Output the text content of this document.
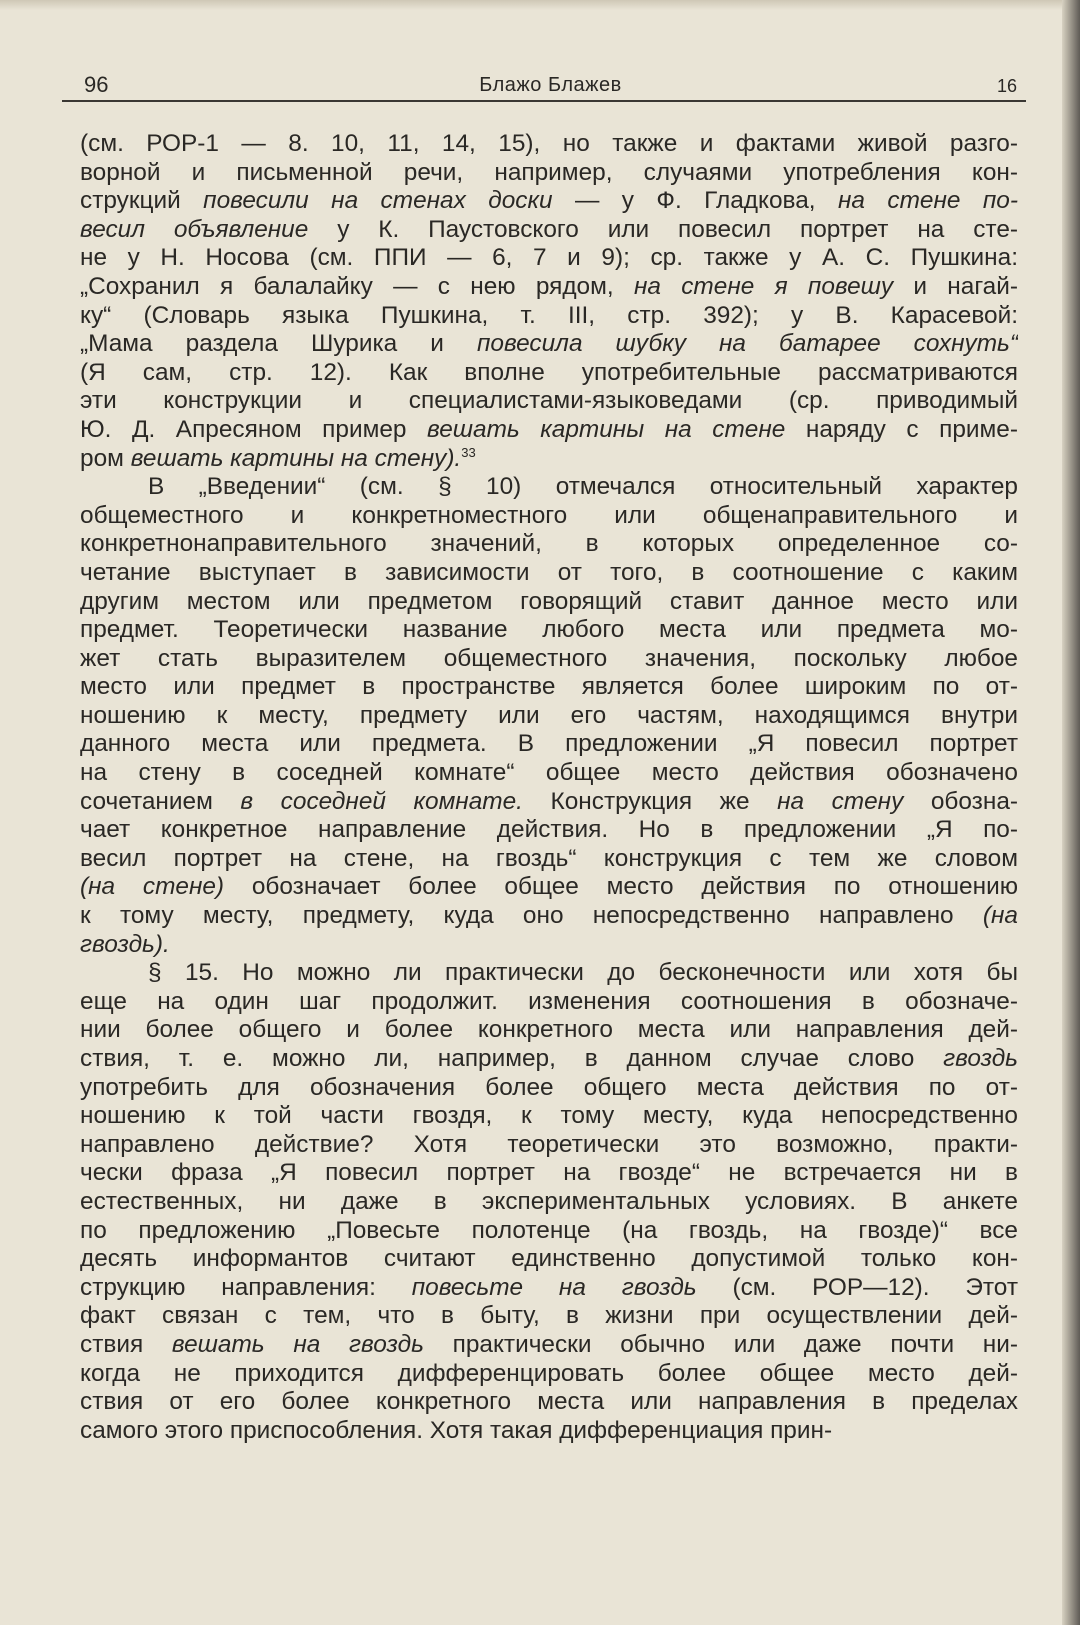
96	Блажо Блажев	16
(см. РОР-1 — 8. 10, 11, 14, 15), но также и фактами живой разго-
ворной и письменной речи, например, случаями употребления кон-
струкций повесили на стенах доски — у Ф. Гладкова, на стене по-
весил объявление у К. Паустовского или повесил портрет на сте-
не у Н. Носова (см. ППИ — 6, 7 и 9); ср. также у А. С. Пушкина:
„Сохранил я балалайку — с нею рядом, на стене я повешу и нагай-
ку“ (Словарь языка Пушкина, т. III, стр. 392); у В. Карасевой:
„Мама раздела Шурика и повесила шубку на батарее сохнуть“
(Я сам, стр. 12). Как вполне употребительные рассматриваются
эти конструкции и специалистами-языковедами (ср. приводимый
Ю. Д. Апресяном пример вешать картины на стене наряду с приме-
ром вешать картины на стену).$^{33}$
В „Введении“ (см. § 10) отмечался относительный характер
общеместного и конкретноместного или общенаправительного и
конкретнонаправительного значений, в которых определенное со-
четание выступает в зависимости от того, в соотношение с каким
другим местом или предметом говорящий ставит данное место или
предмет. Теоретически название любого места или предмета мо-
жет стать выразителем общеместного значения, поскольку любое
место или предмет в пространстве является более широким по от-
ношению к месту, предмету или его частям, находящимся внутри
данного места или предмета. В предложении „Я повесил портрет
на стену в соседней комнате“ общее место действия обозначено
сочетанием в соседней комнате. Конструкция же на стену обозна-
чает конкретное направление действия. Но в предложении „Я по-
весил портрет на стене, на гвоздь“ конструкция с тем же словом
(на стене) обозначает более общее место действия по отношению
к тому месту, предмету, куда оно непосредственно направлено (на
гвоздь).
§ 15. Но можно ли практически до бесконечности или хотя бы
еще на один шаг продолжит. изменения соотношения в обозначе-
нии более общего и более конкретного места или направления дей-
ствия, т. е. можно ли, например, в данном случае слово гвоздь
употребить для обозначения более общего места действия по от-
ношению к той части гвоздя, к тому месту, куда непосредственно
направлено действие? Хотя теоретически это возможно, практи-
чески фраза „Я повесил портрет на гвозде“ не встречается ни в
естественных, ни даже в экспериментальных условиях. В анкете
по предложению „Повесьте полотенце (на гвоздь, на гвозде)“ все
десять информантов считают единственно допустимой только кон-
струкцию направления: повесьте на гвоздь (см. РОР—12). Этот
факт связан с тем, что в быту, в жизни при осуществлении дей-
ствия вешать на гвоздь практически обычно или даже почти ни-
когда не приходится дифференцировать более общее место дей-
ствия от его более конкретного места или направления в пределах
самого этого приспособления. Хотя такая дифференциация прин-
